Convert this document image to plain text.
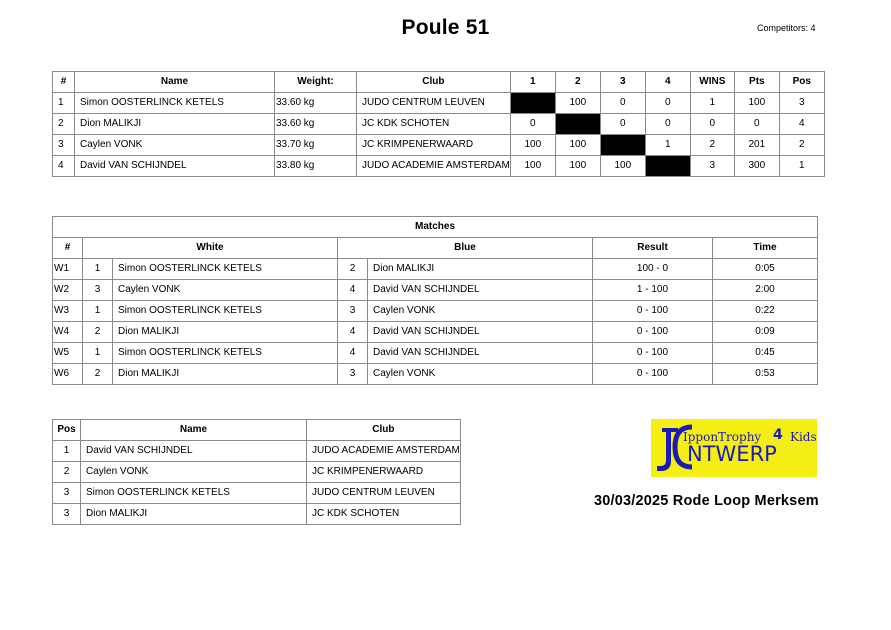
Poule 51	Competitors: 4
#	Name	Weight:	Club	1	2	3	4	WINS	Pts	Pos
1	Simon OOSTERLINCK KETELS	33.60 kg	JUDO CENTRUM LEUVEN		100	0	0	1	100	3
2	Dion MALIKJI	33.60 kg	JC KDK SCHOTEN	0		0	0	0	0	4
3	Caylen VONK	33.70 kg	JC KRIMPENERWAARD	100	100		1	2	201	2
4	David VAN SCHIJNDEL	33.80 kg	JUDO ACADEMIE AMSTERDAM	100	100	100		3	300	1
Matches						
#	White		Blue		Result	Time
W1	1	Simon OOSTERLINCK KETELS	2	Dion MALIKJI	100 - 0	0:05
W2	3	Caylen VONK	4	David VAN SCHIJNDEL	1 - 100	2:00
W3	1	Simon OOSTERLINCK KETELS	3	Caylen VONK	0 - 100	0:22
W4	2	Dion MALIKJI	4	David VAN SCHIJNDEL	0 - 100	0:09
W5	1	Simon OOSTERLINCK KETELS	4	David VAN SCHIJNDEL	0 - 100	0:45
W6	2	Dion MALIKJI	3	Caylen VONK	0 - 100	0:53
Pos	Name	Club
1	David VAN SCHIJNDEL	JUDO ACADEMIE AMSTERDAM
2	Caylen VONK	JC KRIMPENERWAARD
3	Simon OOSTERLINCK KETELS	JUDO CENTRUM LEUVEN
3	Dion MALIKJI	JC KDK SCHOTEN
IpponTrophy 4 Kids
NTWERP
30/03/2025 Rode Loop Merksem
